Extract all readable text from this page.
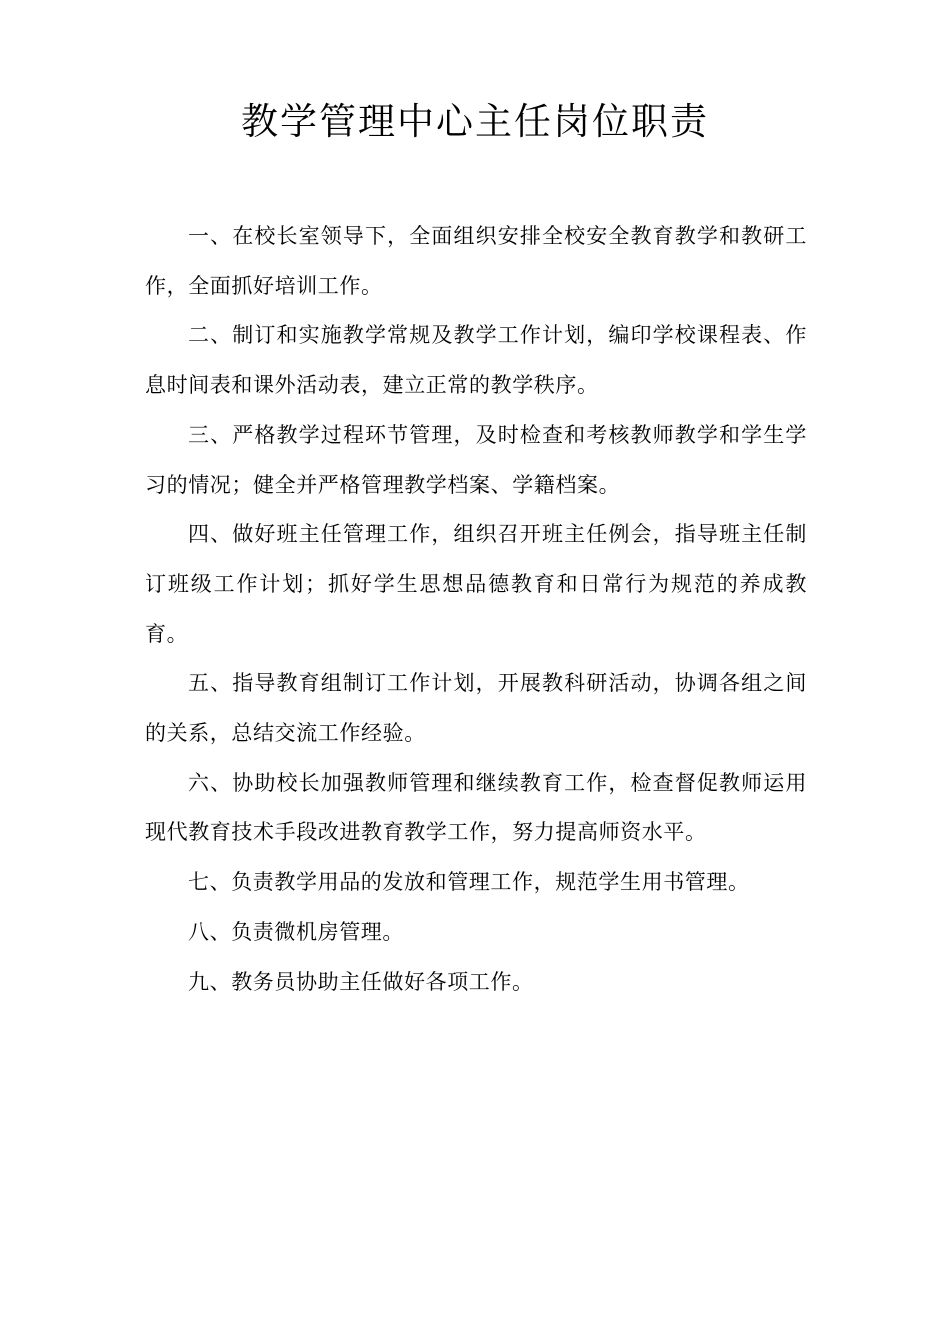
教学管理中心主任岗位职责

一、在校长室领导下，全面组织安排全校安全教育教学和教研工作，全面抓好培训工作。

二、制订和实施教学常规及教学工作计划，编印学校课程表、作息时间表和课外活动表，建立正常的教学秩序。

三、严格教学过程环节管理，及时检查和考核教师教学和学生学习的情况；健全并严格管理教学档案、学籍档案。

四、做好班主任管理工作，组织召开班主任例会，指导班主任制订班级工作计划；抓好学生思想品德教育和日常行为规范的养成教育。

五、指导教育组制订工作计划，开展教科研活动，协调各组之间的关系，总结交流工作经验。

六、协助校长加强教师管理和继续教育工作，检查督促教师运用现代教育技术手段改进教育教学工作，努力提高师资水平。

七、负责教学用品的发放和管理工作，规范学生用书管理。

八、负责微机房管理。

九、教务员协助主任做好各项工作。
